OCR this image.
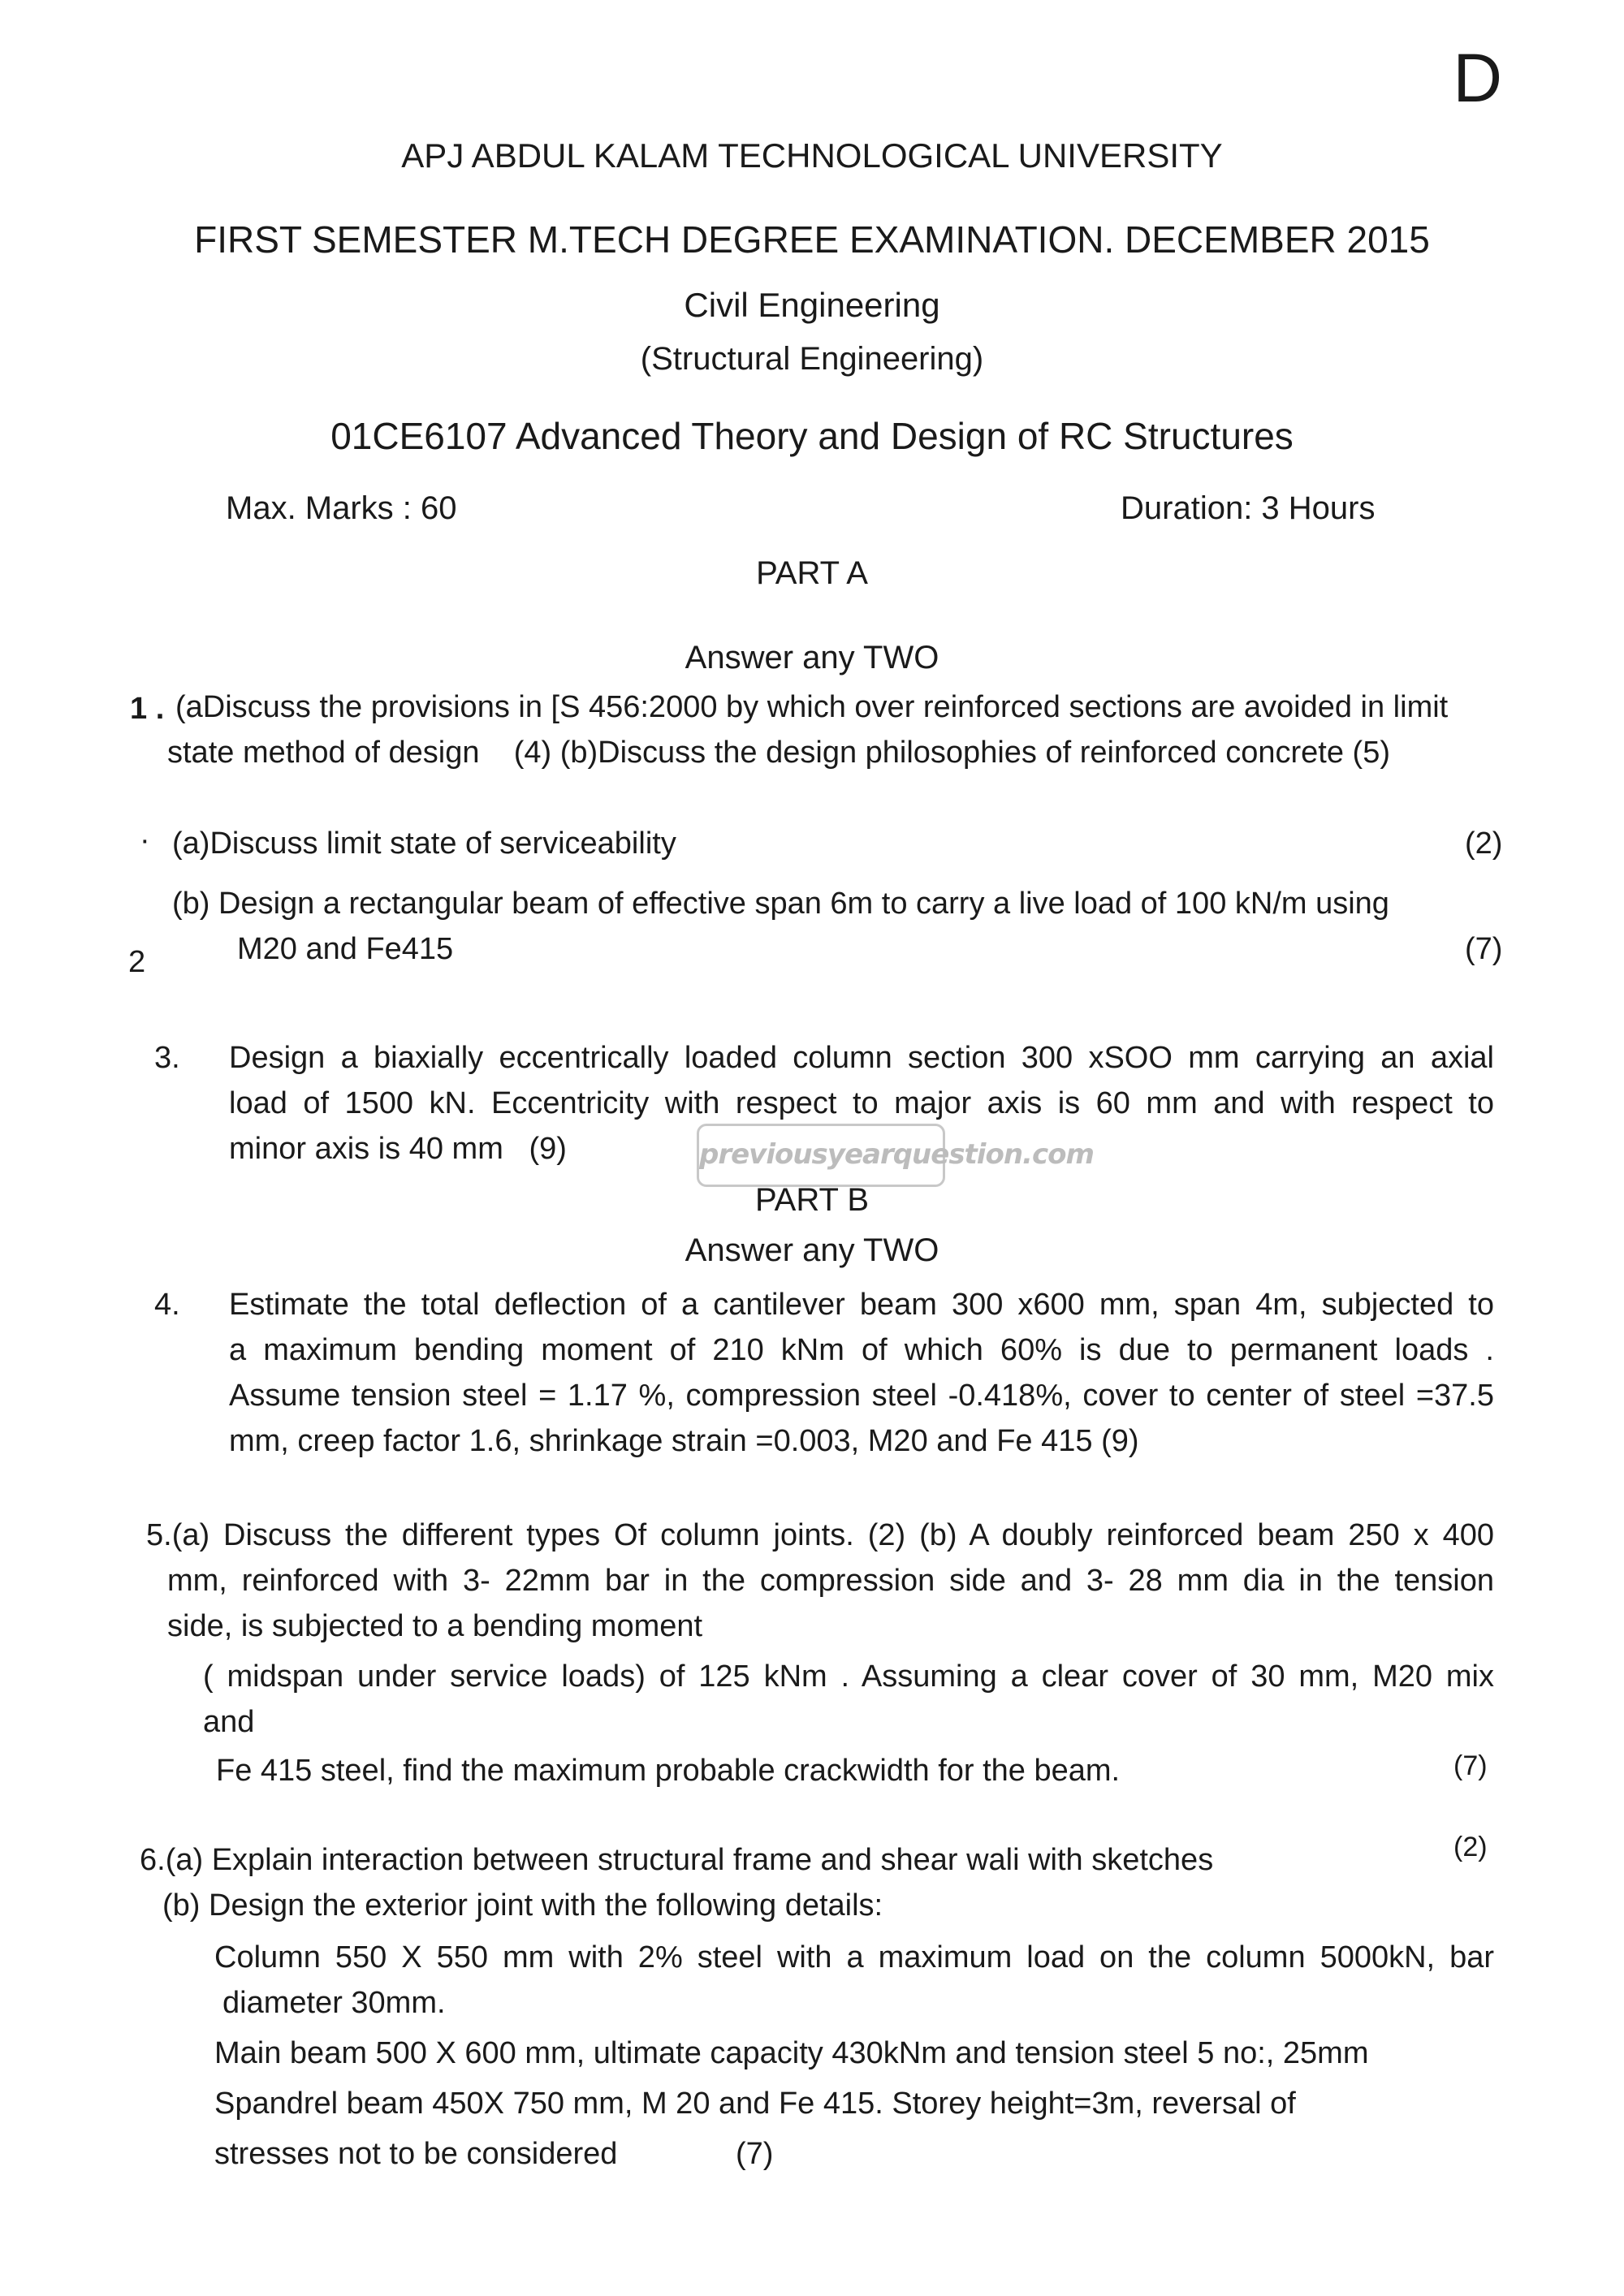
D
APJ ABDUL KALAM TECHNOLOGICAL UNIVERSITY
FIRST SEMESTER M.TECH DEGREE EXAMINATION. DECEMBER 2015
Civil Engineering
(Structural Engineering)
01CE6107 Advanced Theory and Design of RC Structures
Max. Marks : 60	Duration: 3 Hours
PART A
Answer any TWO
1 . (aDiscuss the provisions in [S 456:2000 by which over reinforced sections are avoided in limit
state method of design    (4) (b)Discuss the design philosophies of reinforced concrete (5)
· (a)Discuss limit state of serviceability	(2)
(b) Design a rectangular beam of effective span 6m to carry a live load of 100 kN/m using
2	M20 and Fe415	(7)
3. Design a biaxially eccentrically loaded column section 300 xSOO mm carrying an axial
load of 1500 kN. Eccentricity with respect to major axis is 60 mm and with respect to
minor axis is 40 mm   (9)	previousyearquestion.com
PART B
Answer any TWO
4. Estimate the total deflection of a cantilever beam 300 x600 mm, span 4m, subjected to
a maximum bending moment of 210 kNm of which 60% is due to permanent loads .
Assume tension steel = 1.17 %, compression steel -0.418%, cover to center of steel =37.5
mm, creep factor 1.6, shrinkage strain =0.003, M20 and Fe 415 (9)
5.(a) Discuss the different types Of column joints. (2) (b) A doubly reinforced beam 250 x 400
mm, reinforced with 3- 22mm bar in the compression side and 3- 28 mm dia in the tension
side, is subjected to a bending moment
( midspan under service loads) of 125 kNm . Assuming a clear cover of 30 mm, M20 mix
and
Fe 415 steel, find the maximum probable crackwidth for the beam.	(7)
6.(a) Explain interaction between structural frame and shear wali with sketches	(2)
(b) Design the exterior joint with the following details:
Column 550 X 550 mm with 2% steel with a maximum load on the column 5000kN, bar
diameter 30mm.
Main beam 500 X 600 mm, ultimate capacity 430kNm and tension steel 5 no:, 25mm
Spandrel beam 450X 750 mm, M 20 and Fe 415. Storey height=3m, reversal of
stresses not to be considered	(7)
